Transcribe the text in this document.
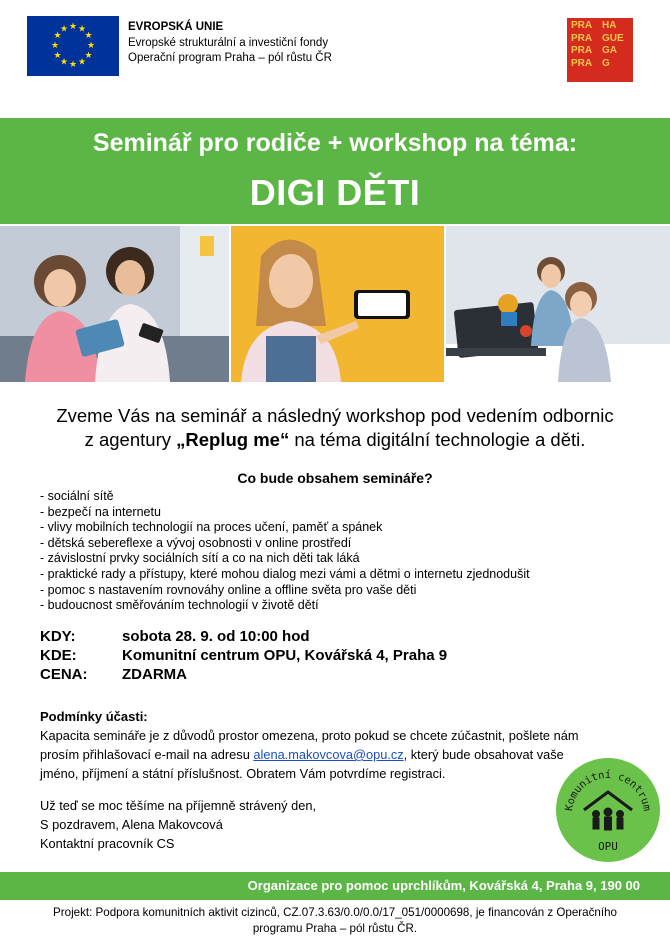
★ ★
★
★
★
★
★
★
★
★
★
★	EVROPSKÁ UNIE
Evropské strukturální a investiční fondy
Operační program Praha – pól růstu ČR
PRA HA
PRA GUE
PRA GA
PRA G
Seminář pro rodiče + workshop na téma:
DIGI DĚTI
Zveme Vás na seminář a následný workshop pod vedením odbornic
z agentury „Replug me“ na téma digitální technologie a děti.
Co bude obsahem semináře?
- sociální sítě
- bezpečí na internetu
- vlivy mobilních technologií na proces učení, paměť a spánek
- dětská sebereflexe a vývoj osobnosti v online prostředí
- závislostní prvky sociálních sítí a co na nich děti tak láká
- praktické rady a přístupy, které mohou dialog mezi vámi a dětmi o internetu zjednodušit
- pomoc s nastavením rovnováhy online a offline světa pro vaše děti
- budoucnost směřováním technologií v životě dětí
KDY:	sobota 28. 9. od 10:00 hod
KDE:	Komunitní centrum OPU, Kovářská 4, Praha 9
CENA:	ZDARMA
Podmínky účasti:
Kapacita semináře je z důvodů prostor omezena, proto pokud se chcete zúčastnit, pošlete nám
prosím přihlašovací e-mail na adresu alena.makovcova@opu.cz, který bude obsahovat vaše
jméno, příjmení a státní příslušnost. Obratem Vám potvrdíme registraci.
Už teď se moc těšíme na příjemně strávený den,
S pozdravem, Alena Makovcová
Kontaktní pracovník CS
Komunitní centrum
OPU
Organizace pro pomoc uprchlíkům, Kovářská 4, Praha 9, 190 00
Projekt: Podpora komunitních aktivit cizinců, CZ.07.3.63/0.0/0.0/17_051/0000698, je financován z Operačního
programu Praha – pól růstu ČR.
